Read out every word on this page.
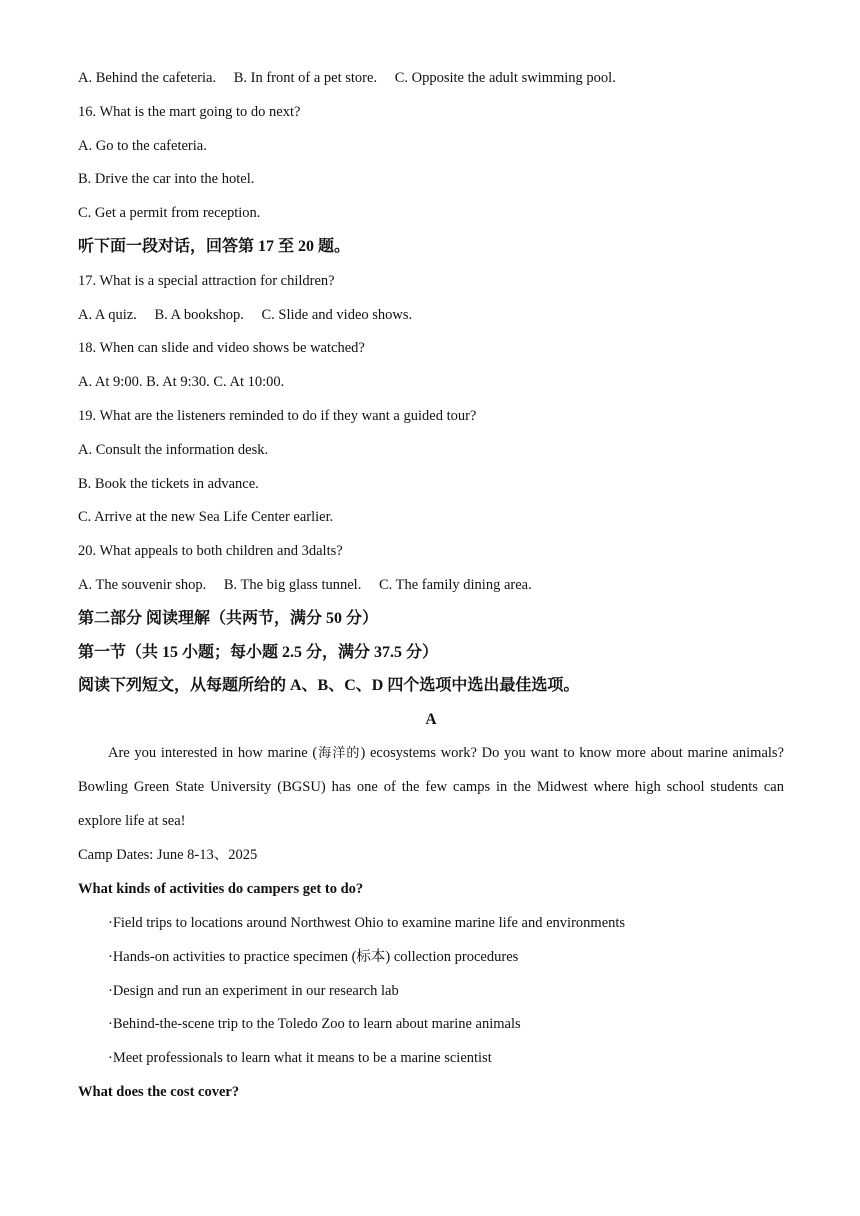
A. Behind the cafeteria. B. In front of a pet store. C. Opposite the adult swimming pool.
16. What is the mart going to do next?
A. Go to the cafeteria.
B. Drive the car into the hotel.
C. Get a permit from reception.
听下面一段对话，回答第 17 至 20 题。
17. What is a special attraction for children?
A. A quiz. B. A bookshop. C. Slide and video shows.
18. When can slide and video shows be watched?
A. At 9:00. B. At 9:30. C. At 10:00.
19. What are the listeners reminded to do if they want a guided tour?
A. Consult the information desk.
B. Book the tickets in advance.
C. Arrive at the new Sea Life Center earlier.
20. What appeals to both children and 3dalts?
A. The souvenir shop. B. The big glass tunnel. C. The family dining area.
第二部分 阅读理解（共两节，满分 50 分）
第一节（共 15 小题；每小题 2.5 分，满分 37.5 分）
阅读下列短文，从每题所给的 A、B、C、D 四个选项中选出最佳选项。
A

Are you interested in how marine (海洋的) ecosystems work? Do you want to know more about marine animals? Bowling Green State University (BGSU) has one of the few camps in the Midwest where high school students can explore life at sea!

Camp Dates: June 8-13、2025
What kinds of activities do campers get to do?
·Field trips to locations around Northwest Ohio to examine marine life and environments
·Hands-on activities to practice specimen (标本) collection procedures
·Design and run an experiment in our research lab
·Behind-the-scene trip to the Toledo Zoo to learn about marine animals
·Meet professionals to learn what it means to be a marine scientist
What does the cost cover?
